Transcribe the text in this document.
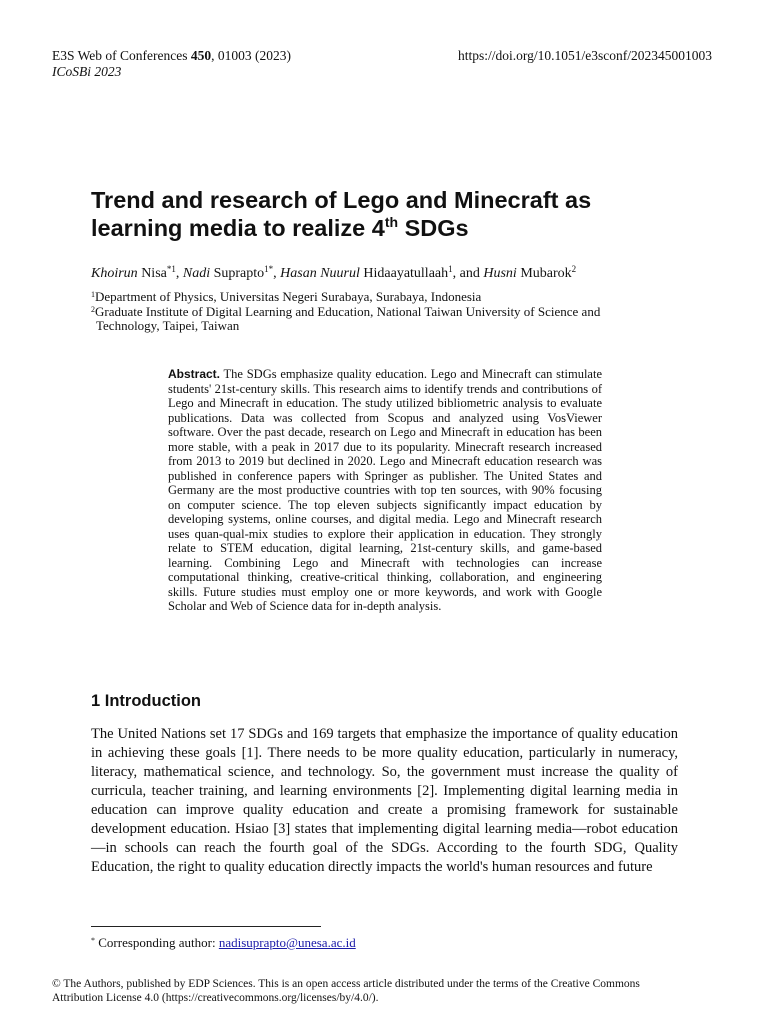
E3S Web of Conferences 450, 01003 (2023)	https://doi.org/10.1051/e3sconf/202345001003
ICoSBi 2023
Trend and research of Lego and Minecraft as
learning media to realize 4th SDGs
Khoirun Nisa$^{*1}$, Nadi Suprapto$^{1*}$, Hasan Nuurul Hidaayatullaah$^1$, and Husni Mubarok$^2$
$^1$Department of Physics, Universitas Negeri Surabaya, Surabaya, Indonesia
$^2$Graduate Institute of Digital Learning and Education, National Taiwan University of Science and
Technology, Taipei, Taiwan
Abstract. The SDGs emphasize quality education. Lego and Minecraft can stimulate students' 21st-century skills. This research aims to identify trends and contributions of Lego and Minecraft in education. The study utilized bibliometric analysis to evaluate publications. Data was collected from Scopus and analyzed using VosViewer software. Over the past decade, research on Lego and Minecraft in education has been more stable, with a peak in 2017 due to its popularity. Minecraft research increased from 2013 to 2019 but declined in 2020. Lego and Minecraft education research was published in conference papers with Springer as publisher. The United States and Germany are the most productive countries with top ten sources, with 90% focusing on computer science. The top eleven subjects significantly impact education by developing systems, online courses, and digital media. Lego and Minecraft research uses quan-qual-mix studies to explore their application in education. They strongly relate to STEM education, digital learning, 21st-century skills, and game-based learning. Combining Lego and Minecraft with technologies can increase computational thinking, creative-critical thinking, collaboration, and engineering skills. Future studies must employ one or more keywords, and work with Google Scholar and Web of Science data for in-depth analysis.
1 Introduction
The United Nations set 17 SDGs and 169 targets that emphasize the importance of quality education in achieving these goals [1]. There needs to be more quality education, particularly in numeracy, literacy, mathematical science, and technology. So, the government must increase the quality of curricula, teacher training, and learning environments [2]. Implementing digital learning media in education can improve quality education and create a promising framework for sustainable development education. Hsiao [3] states that implementing digital learning media—robot education—in schools can reach the fourth goal of the SDGs. According to the fourth SDG, Quality Education, the right to quality education directly impacts the world's human resources and future
* Corresponding author: nadisuprapto@unesa.ac.id
© The Authors, published by EDP Sciences. This is an open access article distributed under the terms of the Creative Commons
Attribution License 4.0 (https://creativecommons.org/licenses/by/4.0/).
